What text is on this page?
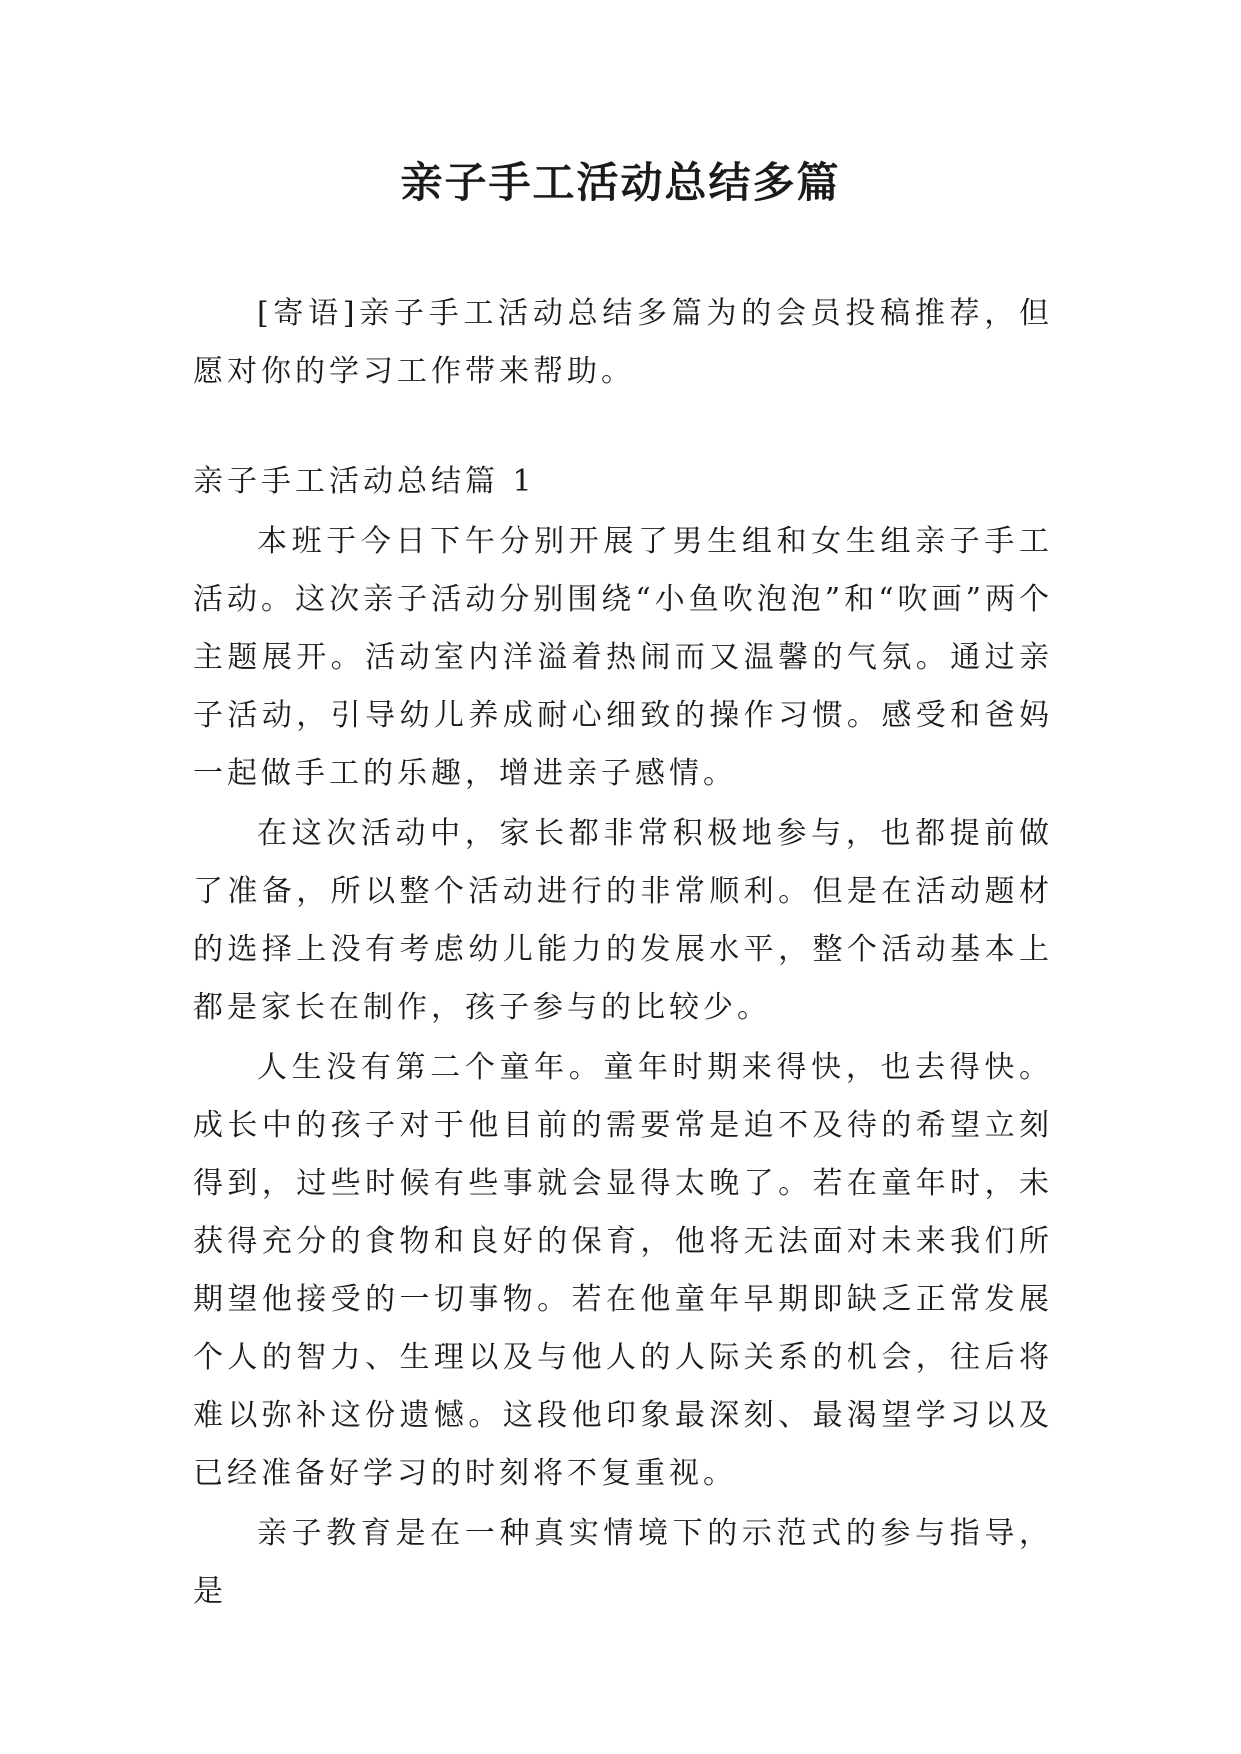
亲子手工活动总结多篇

[寄语]亲子手工活动总结多篇为的会员投稿推荐，但愿对你的学习工作带来帮助。

亲子手工活动总结篇 1

本班于今日下午分别开展了男生组和女生组亲子手工活动。这次亲子活动分别围绕“小鱼吹泡泡”和“吹画”两个主题展开。活动室内洋溢着热闹而又温馨的气氛。通过亲子活动，引导幼儿养成耐心细致的操作习惯。感受和爸妈一起做手工的乐趣，增进亲子感情。

在这次活动中，家长都非常积极地参与，也都提前做了准备，所以整个活动进行的非常顺利。但是在活动题材的选择上没有考虑幼儿能力的发展水平，整个活动基本上都是家长在制作，孩子参与的比较少。

人生没有第二个童年。童年时期来得快，也去得快。成长中的孩子对于他目前的需要常是迫不及待的希望立刻得到，过些时候有些事就会显得太晚了。若在童年时，未获得充分的食物和良好的保育，他将无法面对未来我们所期望他接受的一切事物。若在他童年早期即缺乏正常发展个人的智力、生理以及与他人的人际关系的机会，往后将难以弥补这份遗憾。这段他印象最深刻、最渴望学习以及已经准备好学习的时刻将不复重视。

亲子教育是在一种真实情境下的示范式的参与指导，是
